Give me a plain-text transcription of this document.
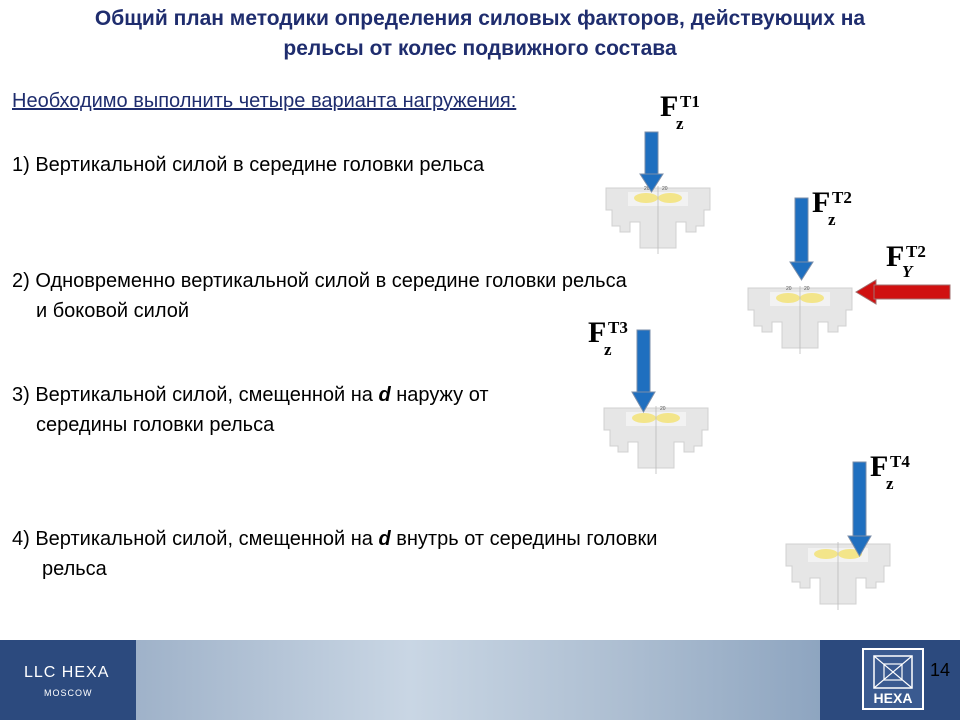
Общий план методики определения силовых факторов, действующих на
рельсы от колес подвижного состава
Необходимо выполнить четыре варианта нагружения:
1) Вертикальной силой в середине головки рельса
2) Одновременно вертикальной силой в середине головки рельса
и боковой силой
3) Вертикальной силой, смещенной на d наружу от
середины головки рельса
4) Вертикальной силой, смещенной на d внутрь от середины головки
рельса
20 20
20 20
20
F
z
T1
F
z
T2
F
Y
T2
F
z
T3
F
z
T4
LLC HEXA
MOSCOW	HEXA
14
